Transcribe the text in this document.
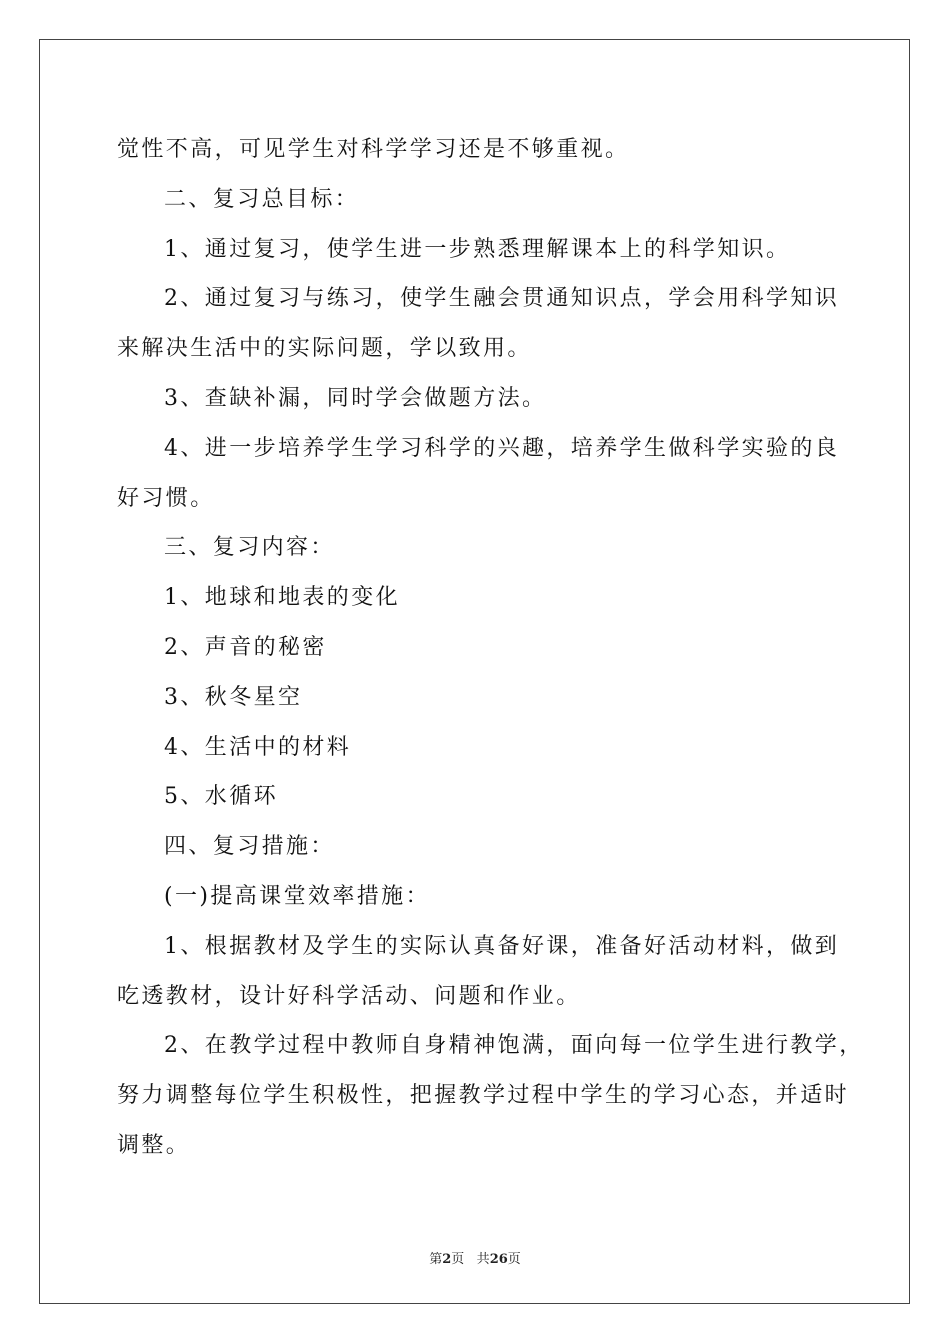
觉性不高，可见学生对科学学习还是不够重视。
二、复习总目标：
1、通过复习，使学生进一步熟悉理解课本上的科学知识。
2、通过复习与练习，使学生融会贯通知识点，学会用科学知识
来解决生活中的实际问题，学以致用。
3、查缺补漏，同时学会做题方法。
4、进一步培养学生学习科学的兴趣，培养学生做科学实验的良
好习惯。
三、复习内容：
1、地球和地表的变化
2、声音的秘密
3、秋冬星空
4、生活中的材料
5、水循环
四、复习措施：
(一)提高课堂效率措施：
1、根据教材及学生的实际认真备好课，准备好活动材料，做到
吃透教材，设计好科学活动、问题和作业。
2、在教学过程中教师自身精神饱满，面向每一位学生进行教学，
努力调整每位学生积极性，把握教学过程中学生的学习心态，并适时
调整。
第2页 共26页
